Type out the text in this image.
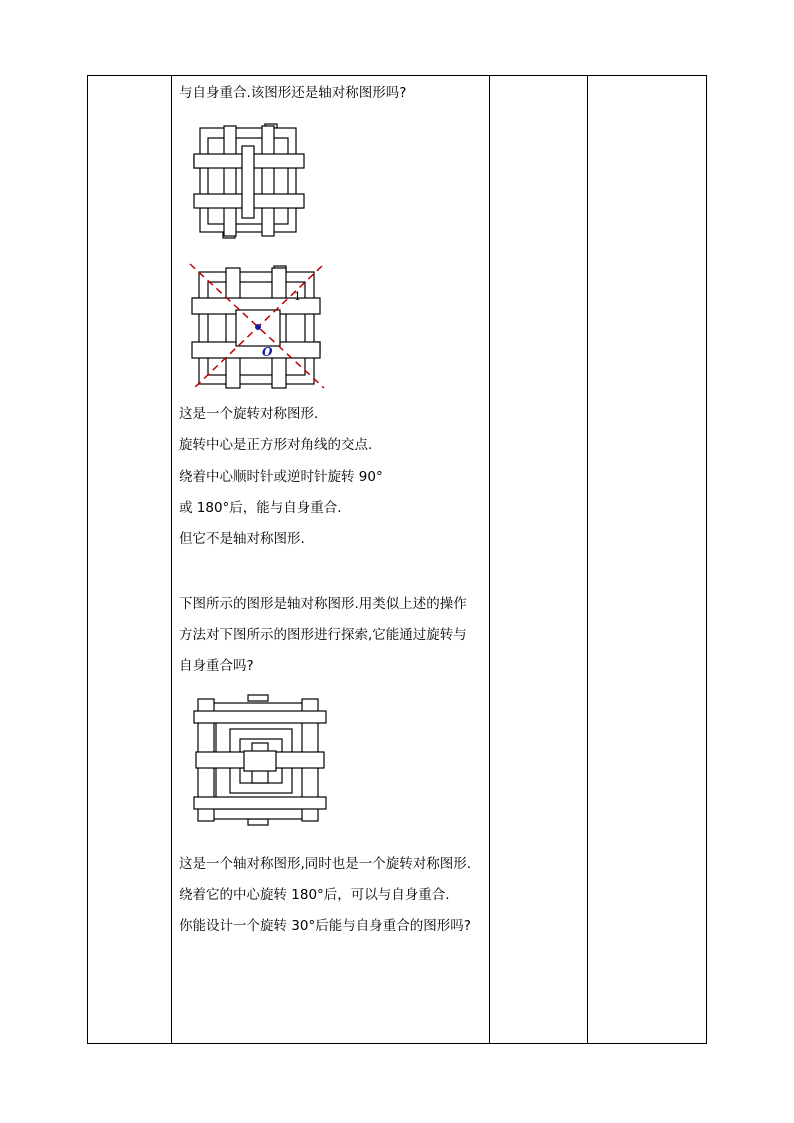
与自身重合.该图形还是轴对称图形吗?
O
1
这是一个旋转对称图形.
旋转中心是正方形对角线的交点.
绕着中心顺时针或逆时针旋转 90°
或 180°后，能与自身重合.
但它不是轴对称图形.
下图所示的图形是轴对称图形.用类似上述的操作
方法对下图所示的图形进行探索,它能通过旋转与
自身重合吗?
这是一个轴对称图形,同时也是一个旋转对称图形.
绕着它的中心旋转 180°后，可以与自身重合.
你能设计一个旋转 30°后能与自身重合的图形吗?
